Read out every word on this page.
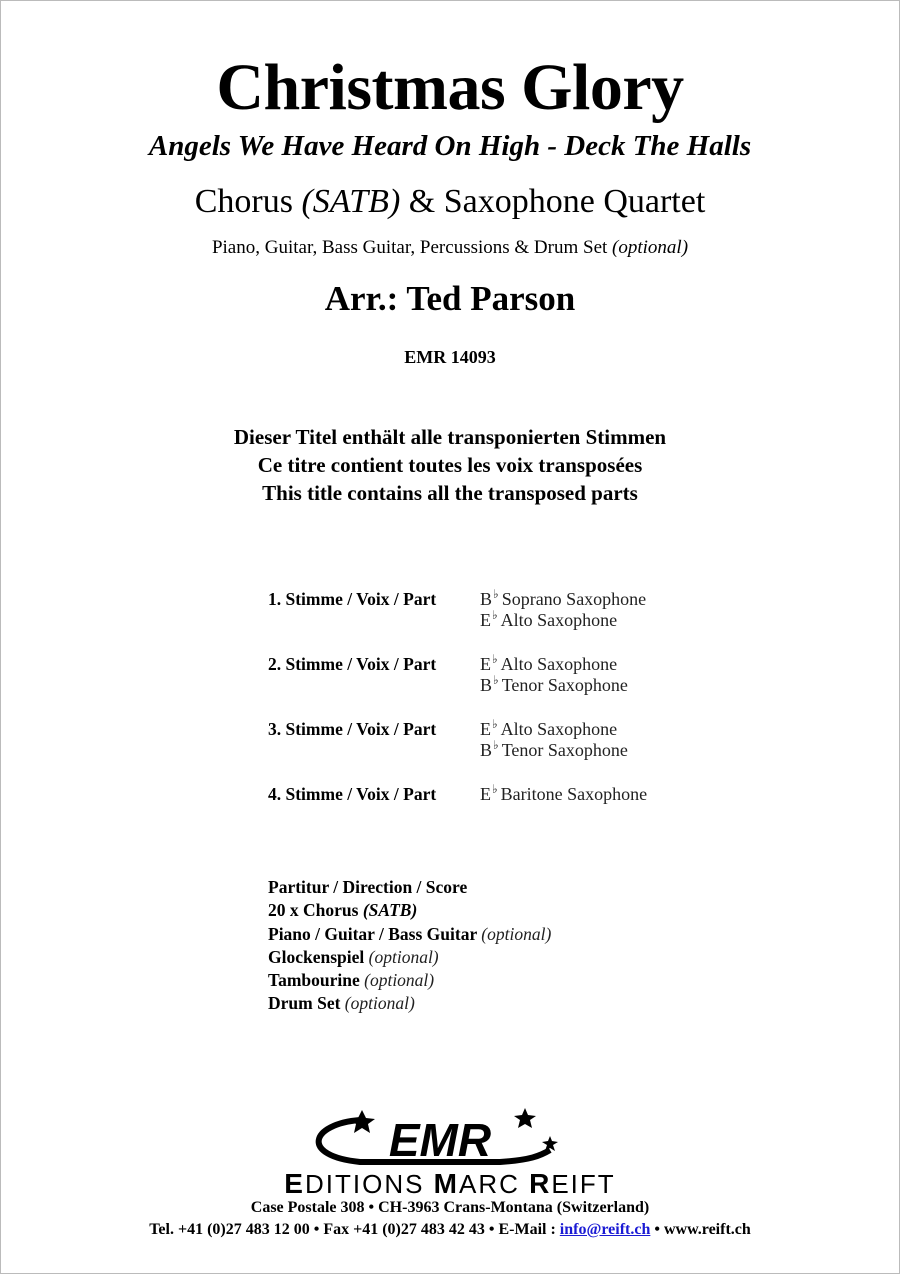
Christmas Glory
Angels We Have Heard On High - Deck The Halls
Chorus (SATB) & Saxophone Quartet
Piano, Guitar, Bass Guitar, Percussions & Drum Set (optional)
Arr.: Ted Parson
EMR 14093
Dieser Titel enthält alle transponierten Stimmen
Ce titre contient toutes les voix transposées
This title contains all the transposed parts
1. Stimme / Voix / Part	B♭ Soprano Saxophone
E♭ Alto Saxophone
2. Stimme / Voix / Part	E♭ Alto Saxophone
B♭ Tenor Saxophone
3. Stimme / Voix / Part	E♭ Alto Saxophone
B♭ Tenor Saxophone
4. Stimme / Voix / Part	E♭ Baritone Saxophone
Partitur / Direction / Score
20 x Chorus (SATB)
Piano / Guitar / Bass Guitar (optional)
Glockenspiel (optional)
Tambourine (optional)
Drum Set (optional)
EMR
EDITIONS MARC REIFT
Case Postale 308 • CH-3963 Crans-Montana (Switzerland)
Tel. +41 (0)27 483 12 00 • Fax +41 (0)27 483 42 43 • E-Mail : info@reift.ch • www.reift.ch
